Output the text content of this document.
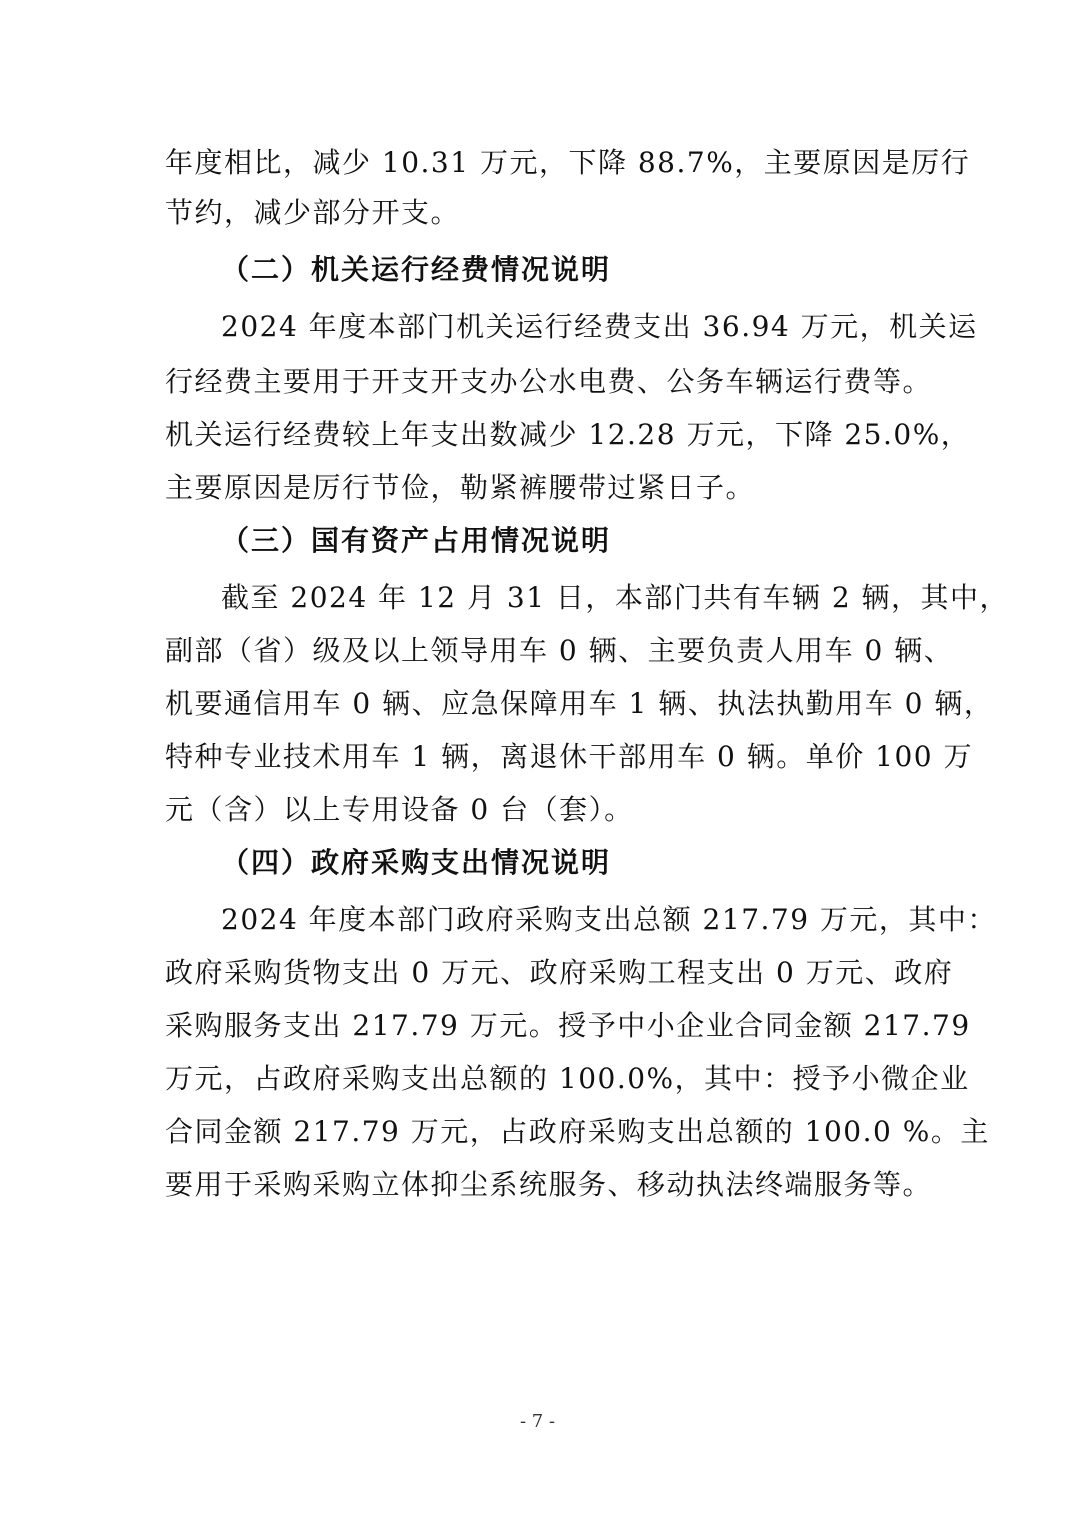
年度相比，减少 10.31 万元，下降 88.7%，主要原因是厉行
节约，减少部分开支。
（二）机关运行经费情况说明
2024 年度本部门机关运行经费支出 36.94 万元，机关运
行经费主要用于开支开支办公水电费、公务车辆运行费等。
机关运行经费较上年支出数减少 12.28 万元，下降 25.0%，
主要原因是厉行节俭，勒紧裤腰带过紧日子。
（三）国有资产占用情况说明
截至 2024 年 12 月 31 日，本部门共有车辆 2 辆，其中，
副部（省）级及以上领导用车 0 辆、主要负责人用车 0 辆、
机要通信用车 0 辆、应急保障用车 1 辆、执法执勤用车 0 辆，
特种专业技术用车 1 辆，离退休干部用车 0 辆。单价 100 万
元（含）以上专用设备 0 台（套）。
（四）政府采购支出情况说明
2024 年度本部门政府采购支出总额 217.79 万元，其中：
政府采购货物支出 0 万元、政府采购工程支出 0 万元、政府
采购服务支出 217.79 万元。授予中小企业合同金额 217.79
万元，占政府采购支出总额的 100.0%，其中：授予小微企业
合同金额 217.79 万元，占政府采购支出总额的 100.0 %。主
要用于采购采购立体抑尘系统服务、移动执法终端服务等。
- 7 -
